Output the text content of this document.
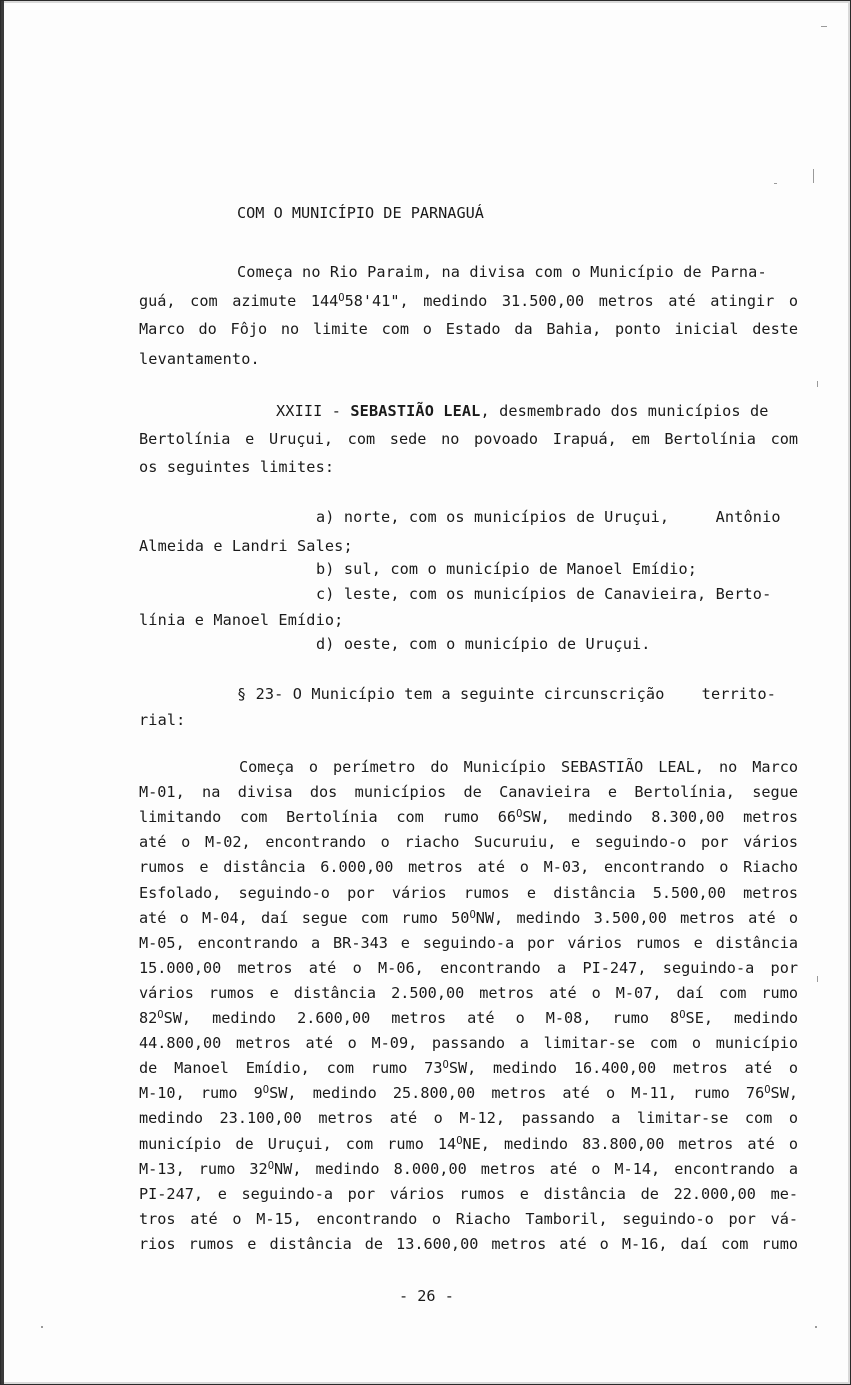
COM O MUNICÍPIO DE PARNAGUÁ
Começa no Rio Paraim, na divisa com o Município de Parna-
guá, com azimute $144^O58'41$", medindo 31.500,00 metros até atingir o
Marco do Fôjo no limite com o Estado da Bahia, ponto inicial deste
levantamento.
XXIII - SEBASTIÃO LEAL, desmembrado dos municípios de
Bertolínia e Uruçui, com sede no povoado Irapuá, em Bertolínia com
os seguintes limites:
a) norte, com os municípios de Uruçui,     Antônio
Almeida e Landri Sales;
b) sul, com o município de Manoel Emídio;
c) leste, com os municípios de Canavieira, Berto-
línia e Manoel Emídio;
d) oeste, com o município de Uruçui.
§ 23- O Município tem a seguinte circunscrição    territo-
rial:
Começa o perímetro do Município SEBASTIÃO LEAL, no Marco
M-01, na divisa dos municípios de Canavieira e Bertolínia, segue
limitando com Bertolínia com rumo $66^OSW$, medindo 8.300,00 metros
até o M-02, encontrando o riacho Sucuruiu, e seguindo-o por vários
rumos e distância 6.000,00 metros até o M-03, encontrando o Riacho
Esfolado, seguindo-o por vários rumos e distância 5.500,00 metros
até o M-04, daí segue com rumo $50^ONW$, medindo 3.500,00 metros até o
M-05, encontrando a BR-343 e seguindo-a por vários rumos e distância
15.000,00 metros até o M-06, encontrando a PI-247, seguindo-a por
vários rumos e distância 2.500,00 metros até o M-07, daí com rumo
$82^OSW$, medindo 2.600,00 metros até o M-08, rumo $8^OSE$, medindo
44.800,00 metros até o M-09, passando a limitar-se com o município
de Manoel Emídio, com rumo $73^OSW$, medindo 16.400,00 metros até o
M-10, rumo $9^OSW$, medindo 25.800,00 metros até o M-11, rumo $76^OSW$,
medindo 23.100,00 metros até o M-12, passando a limitar-se com o
município de Uruçui, com rumo $14^ONE$, medindo 83.800,00 metros até o
M-13, rumo $32^ONW$, medindo 8.000,00 metros até o M-14, encontrando a
PI-247, e seguindo-a por vários rumos e distância de 22.000,00 me-
tros até o M-15, encontrando o Riacho Tamboril, seguindo-o por vá-
rios rumos e distância de 13.600,00 metros até o M-16, daí com rumo
- 26 -
